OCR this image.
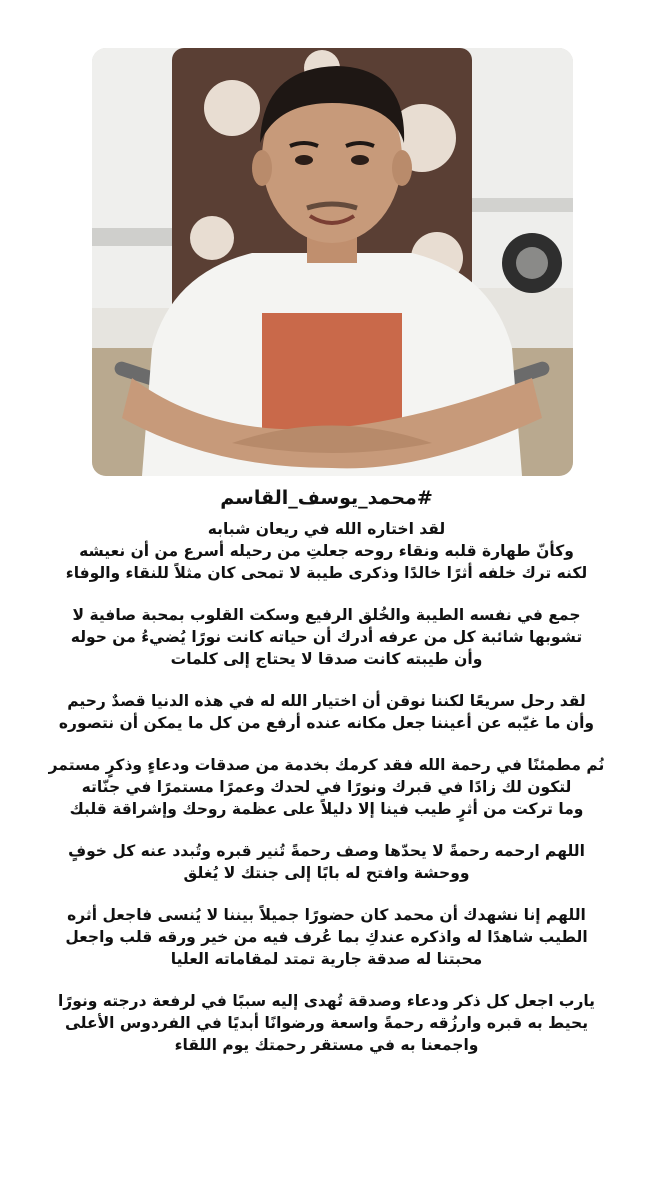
#محمد_يوسف_القاسم
لقد اختاره الله في ريعان شبابه
وكأنّ طهارة قلبه ونقاء روحه جعلتِ من رحيله أسرع من أن نعيشه
لكنه ترك خلفه أثرًا خالدًا وذكرى طيبة لا تمحى كان مثلاً للنقاء والوفاء
جمع في نفسه الطيبة والخُلق الرفيع وسكت القلوب بمحبة صافية لا
تشوبها شائبة كل من عرفه أدرك أن حياته كانت نورًا يُضيءُ من حوله
وأن طيبته كانت صدقا لا يحتاج إلى كلمات
لقد رحل سريعًا لكننا نوقن أن اختيار الله له في هذه الدنيا قصدٌ رحيم
وأن ما غيّبه عن أعيننا جعل مكانه عنده أرفع من كل ما يمكن أن نتصوره
نُم مطمئنًا في رحمة الله فقد كرمك بخدمة من صدقات ودعاءٍ وذكرٍ مستمر
لتكون لك زادًا في قبرك ونورًا في لحدك وعمرًا مستمرًا في جنّاته
وما تركت من أثرٍ طيب فينا إلا دليلاً على عظمة روحك وإشراقة قلبك
اللهم ارحمه رحمةً لا يحدّها وصف رحمةً تُنير قبره وتُبدد عنه كل خوفٍ
ووحشة وافتح له بابًا إلى جنتك لا يُغلق
اللهم إنا نشهدك أن محمد كان حضورًا جميلاً بيننا لا يُنسى فاجعل أثره
الطيب شاهدًا له واذكره عندكِ بما عُرف فيه من خير ورقه قلب واجعل
محبتنا له صدقة جارية تمتد لمقاماته العليا
يارب اجعل كل ذكر ودعاء وصدقة تُهدى إليه سببًا في لرفعة درجته ونورًا
يحيط به قبره وارزُقه رحمةً واسعة ورضوانًا أبديًا في الفردوس الأعلى
واجمعنا به في مستقر رحمتك يوم اللقاء
